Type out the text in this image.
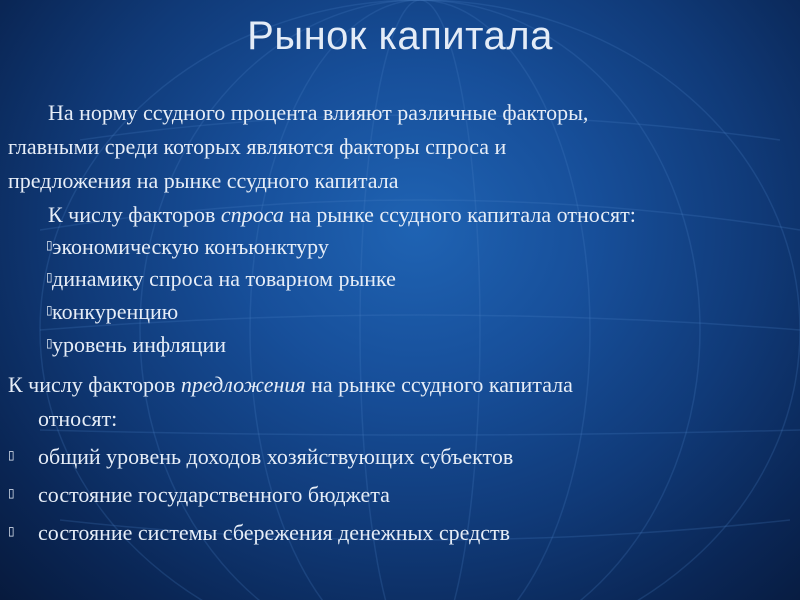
Рынок капитала
На норму ссудного процента влияют различные факторы,
главными среди которых являются факторы спроса и
предложения на рынке ссудного капитала
К числу факторов спроса на рынке ссудного капитала относят:
▯ экономическую конъюнктуру
▯ динамику спроса на товарном рынке
▯ конкуренцию
▯ уровень инфляции
К числу факторов предложения на рынке ссудного капитала
относят:
▯ общий уровень доходов хозяйствующих субъектов
▯ состояние государственного бюджета
▯ состояние системы сбережения денежных средств
